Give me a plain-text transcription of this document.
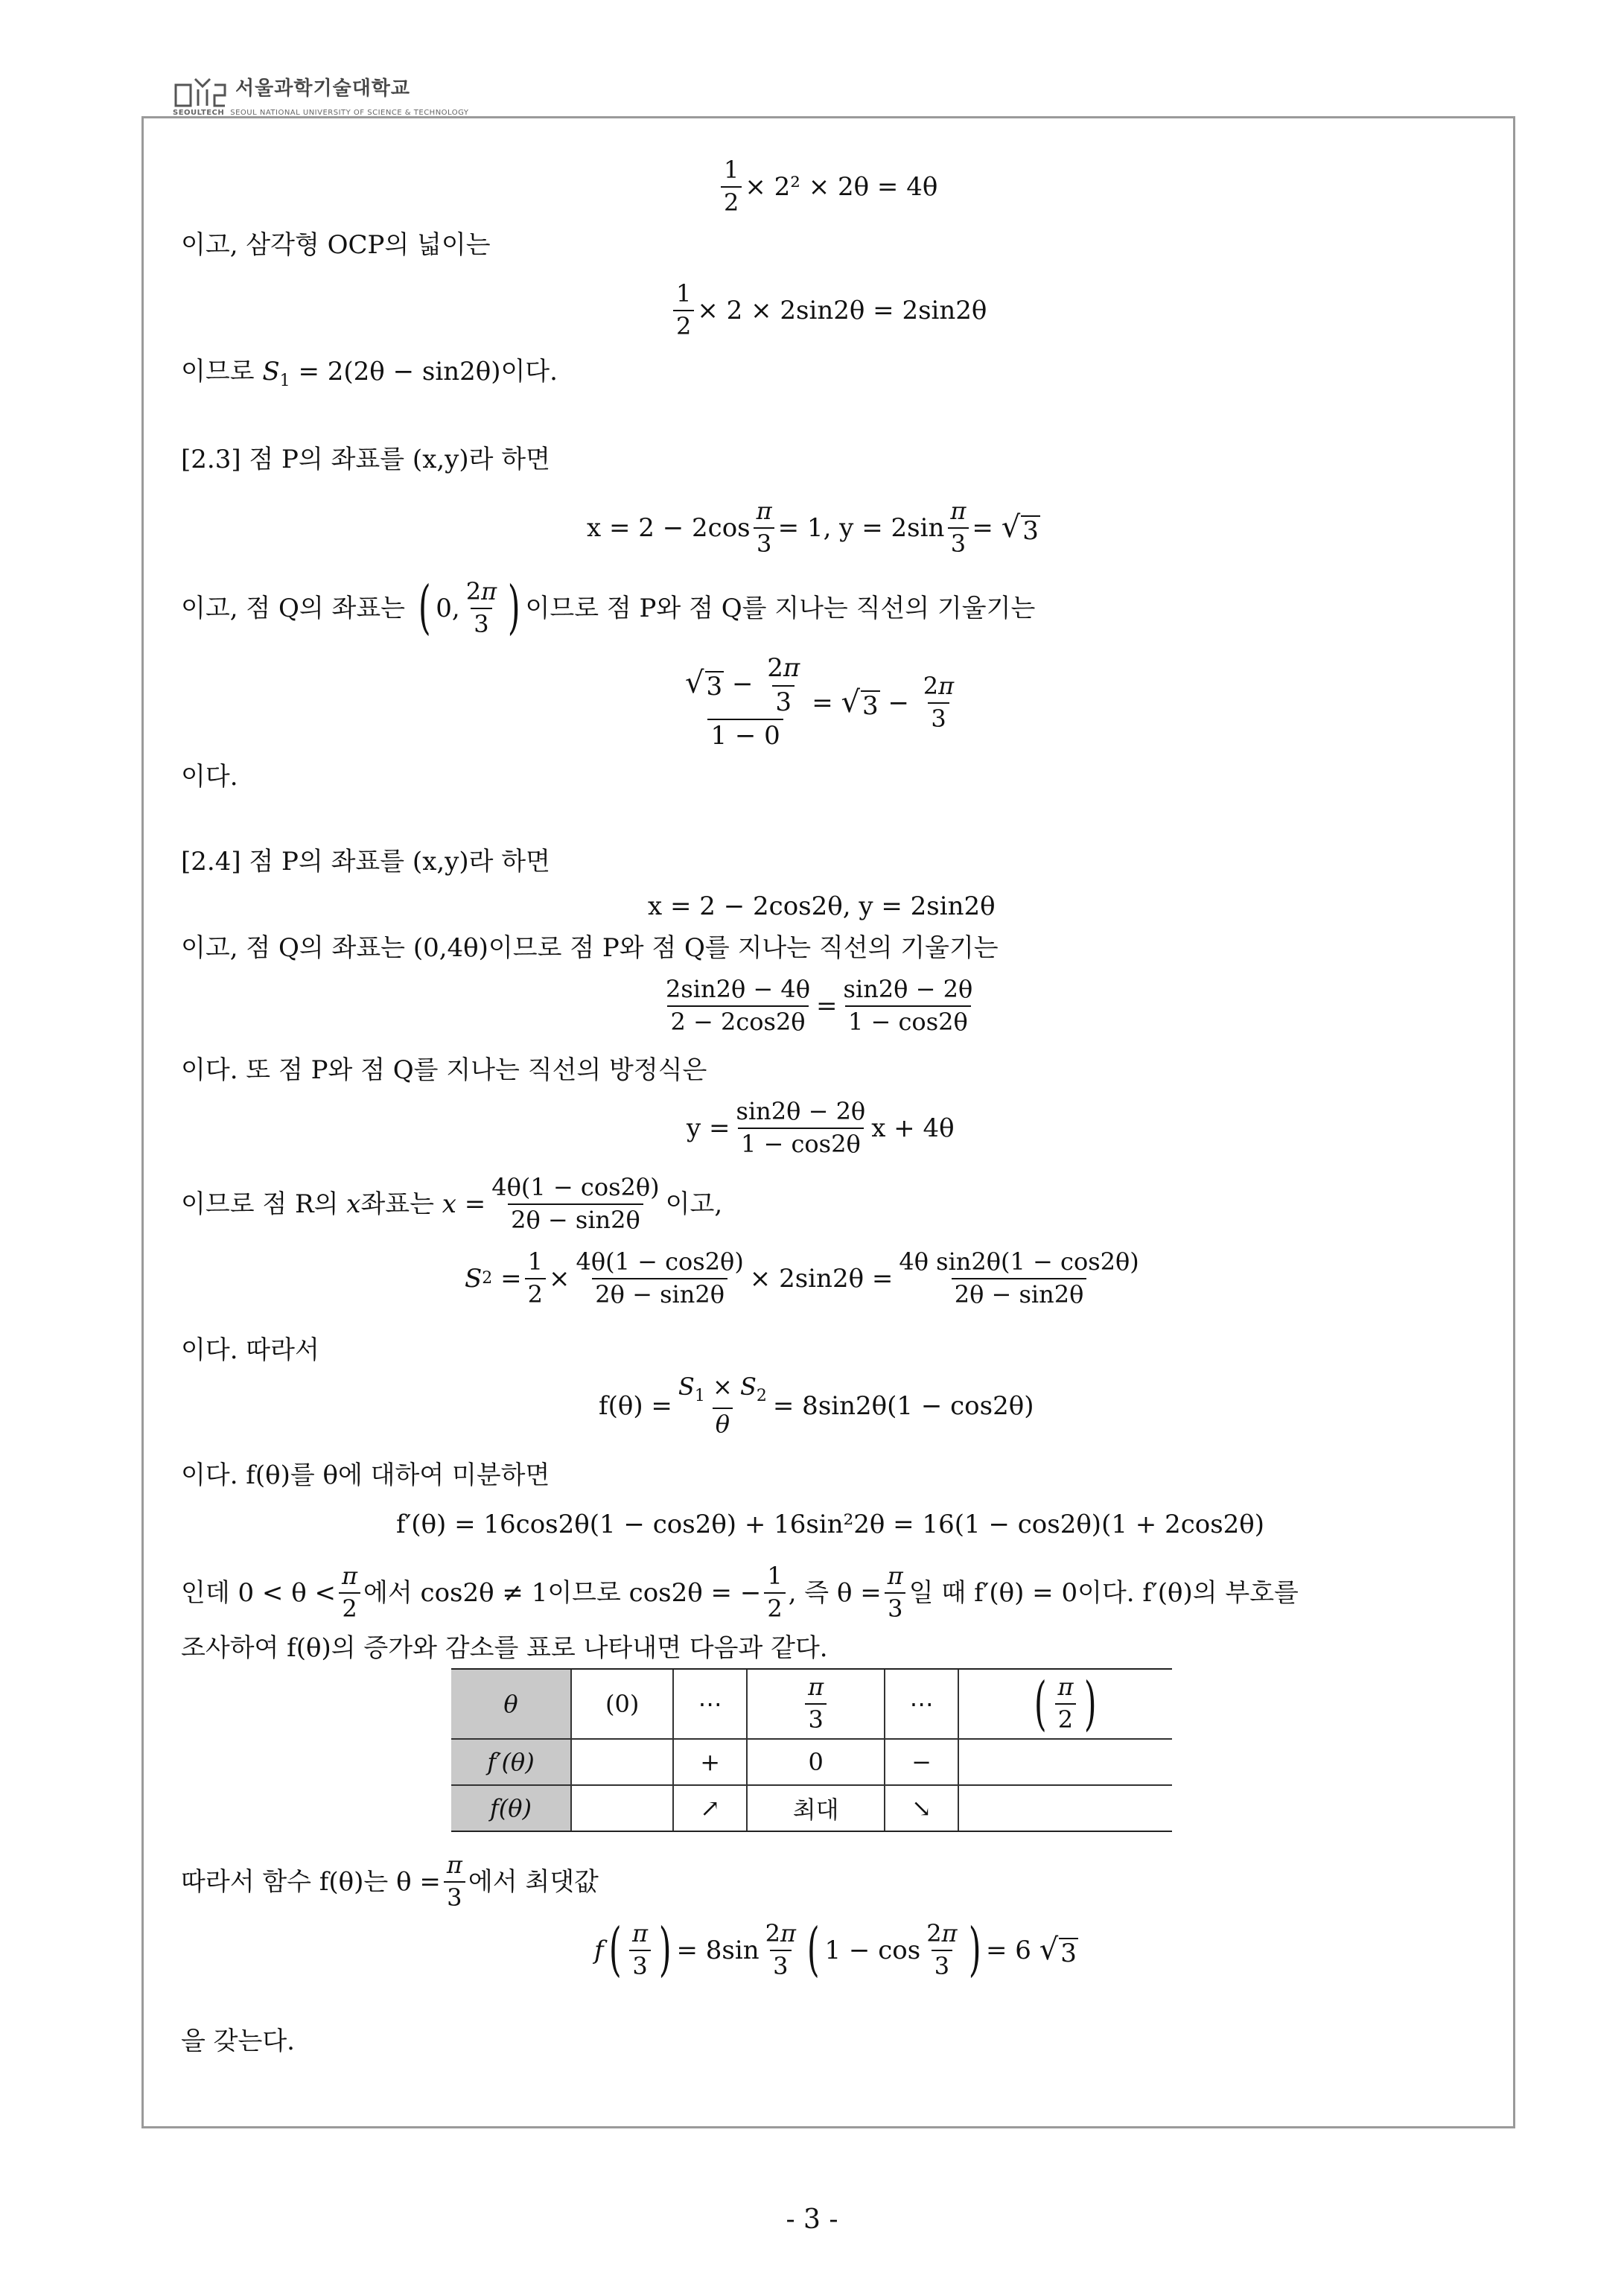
서울과학기술대학교
SEOULTECH SEOUL NATIONAL UNIVERSITY OF SCIENCE & TECHNOLOGY
$\frac{1}{2} \times 2^2 \times 2\theta = 4\theta$
이고, 삼각형 OCP의 넓이는
$\frac{1}{2} \times 2 \times 2\sin 2\theta = 2\sin 2\theta$
이므로 $S_1 = 2(2\theta - \sin 2\theta)$이다.
[2.3] 점 P의 좌표를 (x,y)라 하면
$x = 2 - 2\cos \frac{\pi}{3} = 1$, $y = 2\sin \frac{\pi}{3}$ =
√ 3
이고, 점 Q의 좌표는
( 0, $\frac{2\pi}{3}$ ) 이므로 점 P와 점 Q를 지나는 직선의 기울기는
$\frac{√ 3 - \frac{2\pi}{3}}{1 - 0}$ = √ $3 - \frac{2\pi}{3}$
이다.
[2.4] 점 P의 좌표를 (x,y)라 하면
x = 2 − 2cos2θ, y = 2sin2θ
이고, 점 Q의 좌표는 (0,4θ)이므로 점 P와 점 Q를 지나는 직선의 기울기는
$\frac{2\sin 2\theta - 4\theta}{2 - 2\cos 2\theta} = \frac{\sin 2\theta - 2\theta}{1 - \cos 2\theta}$
이다. 또 점 P와 점 Q를 지나는 직선의 방정식은
$y = \frac{\sin 2\theta - 2\theta}{1 - \cos 2\theta}$ x + 4θ
이므로 점 R의
x 좌표는
$x = \frac{4\theta(1 - \cos 2\theta)}{2\theta - \sin 2\theta}$ 이고,
S $2 = \frac{1}{2} \times \frac{4\theta(1 - \cos 2\theta)}{2\theta - \sin 2\theta} \times 2\sin 2\theta = \frac{\text{4θ sin2θ(1 − cos2θ)}}{2\theta - \sin 2\theta}$
이다. 따라서
$f(\theta) = \frac{S_1 \times S_2}{\theta} = 8\sin 2\theta(1 - \cos 2\theta)$
이다. f(θ)를 θ에 대하여 미분하면
f′(θ) = 16cos2θ(1 − cos2θ) + 16sin²2θ = 16(1 − cos2θ)(1 + 2cos2θ)
인데 $0 < \theta < \frac{\pi}{2}$ 에서 cos2θ ≠ 1이므로 cos2θ = − $\frac{1}{2}$ , 즉 $\theta = \frac{\pi}{3}$ 일 때 f′(θ) = 0이다. f′(θ)의 부호를
조사하여 f(θ)의 증가와 감소를 표로 나타내면 다음과 같다.
θ	(0)	⋯	$\frac{\pi}{3}$	⋯	( $\frac{\pi}{2}$ )
f′(θ)		+	0	−	
f(θ)		↗	최대	↘	
따라서 함수 f(θ)는 $\theta = \frac{\pi}{3}$ 에서 최댓값
f ( $\frac{\pi}{3}$ ) = $8\sin \frac{2\pi}{3}$ ( $1 - \cos \frac{2\pi}{3}$ ) = 6
√ 3
을 갖는다.
- 3 -
